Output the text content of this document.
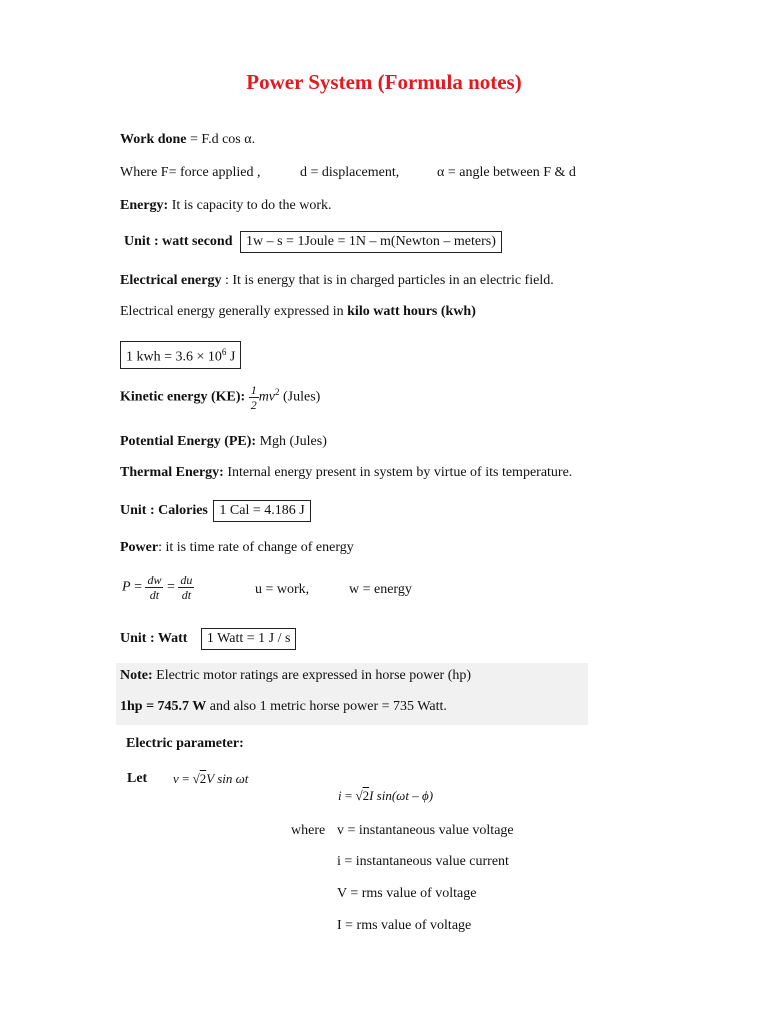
Power System (Formula notes)
Work done = F.d cos α.
Where F= force applied ,	d = displacement,	α = angle between F & d
Energy: It is capacity to do the work.
Unit : watt second 1w – s = 1Joule = 1N – m(Newton – meters)
Electrical energy : It is energy that is in charged particles in an electric field.
Electrical energy generally expressed in kilo watt hours (kwh)
1 kwh = $3.6 \times 10^6$ J
Kinetic energy (KE): $\frac{1}{2} mv^2$ (Jules)
Potential Energy (PE): Mgh (Jules)
Thermal Energy: Internal energy present in system by virtue of its temperature.
Unit : Calories 1 Cal = 4.186 J
Power: it is time rate of change of energy
$P = \frac{dw}{dt} = \frac{du}{dt}$	u = work,	w = energy
Unit : Watt 1 Watt = 1 J / s
Note: Electric motor ratings are expressed in horse power (hp)
1hp = 745.7 W and also 1 metric horse power = 735 Watt.
Electric parameter:
Let v = √2V sin ωt
i = √2I sin(ωt – ϕ)
where v = instantaneous value voltage
i = instantaneous value current
V = rms value of voltage
I = rms value of voltage
